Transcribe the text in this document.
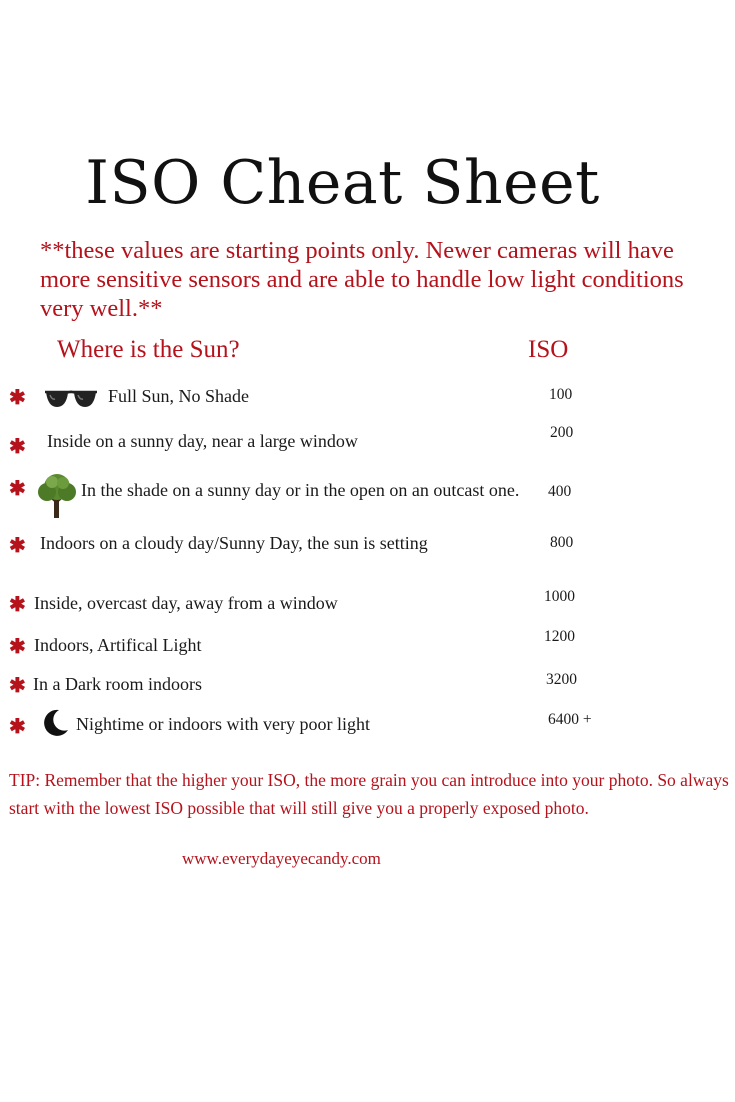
ISO Cheat Sheet

**these values are starting points only. Newer cameras will have more sensitive sensors and are able to handle low light conditions very well.**

Where is the Sun?	ISO
✱	Full Sun, No Shade	100
✱ Inside on a sunny day, near a large window	200
✱	In the shade on a sunny day or in the open on an outcast one.	400
✱ Indoors on a cloudy day/Sunny Day, the sun is setting	800
✱ Inside, overcast day, away from a window	1000
✱ Indoors, Artifical Light	1200
✱ In a Dark room indoors	3200
✱	Nightime or indoors with very poor light	6400 +

TIP: Remember that the higher your ISO, the more grain you can introduce into your photo. So always start with the lowest ISO possible that will still give you a properly exposed photo.

www.everydayeyecandy.com
